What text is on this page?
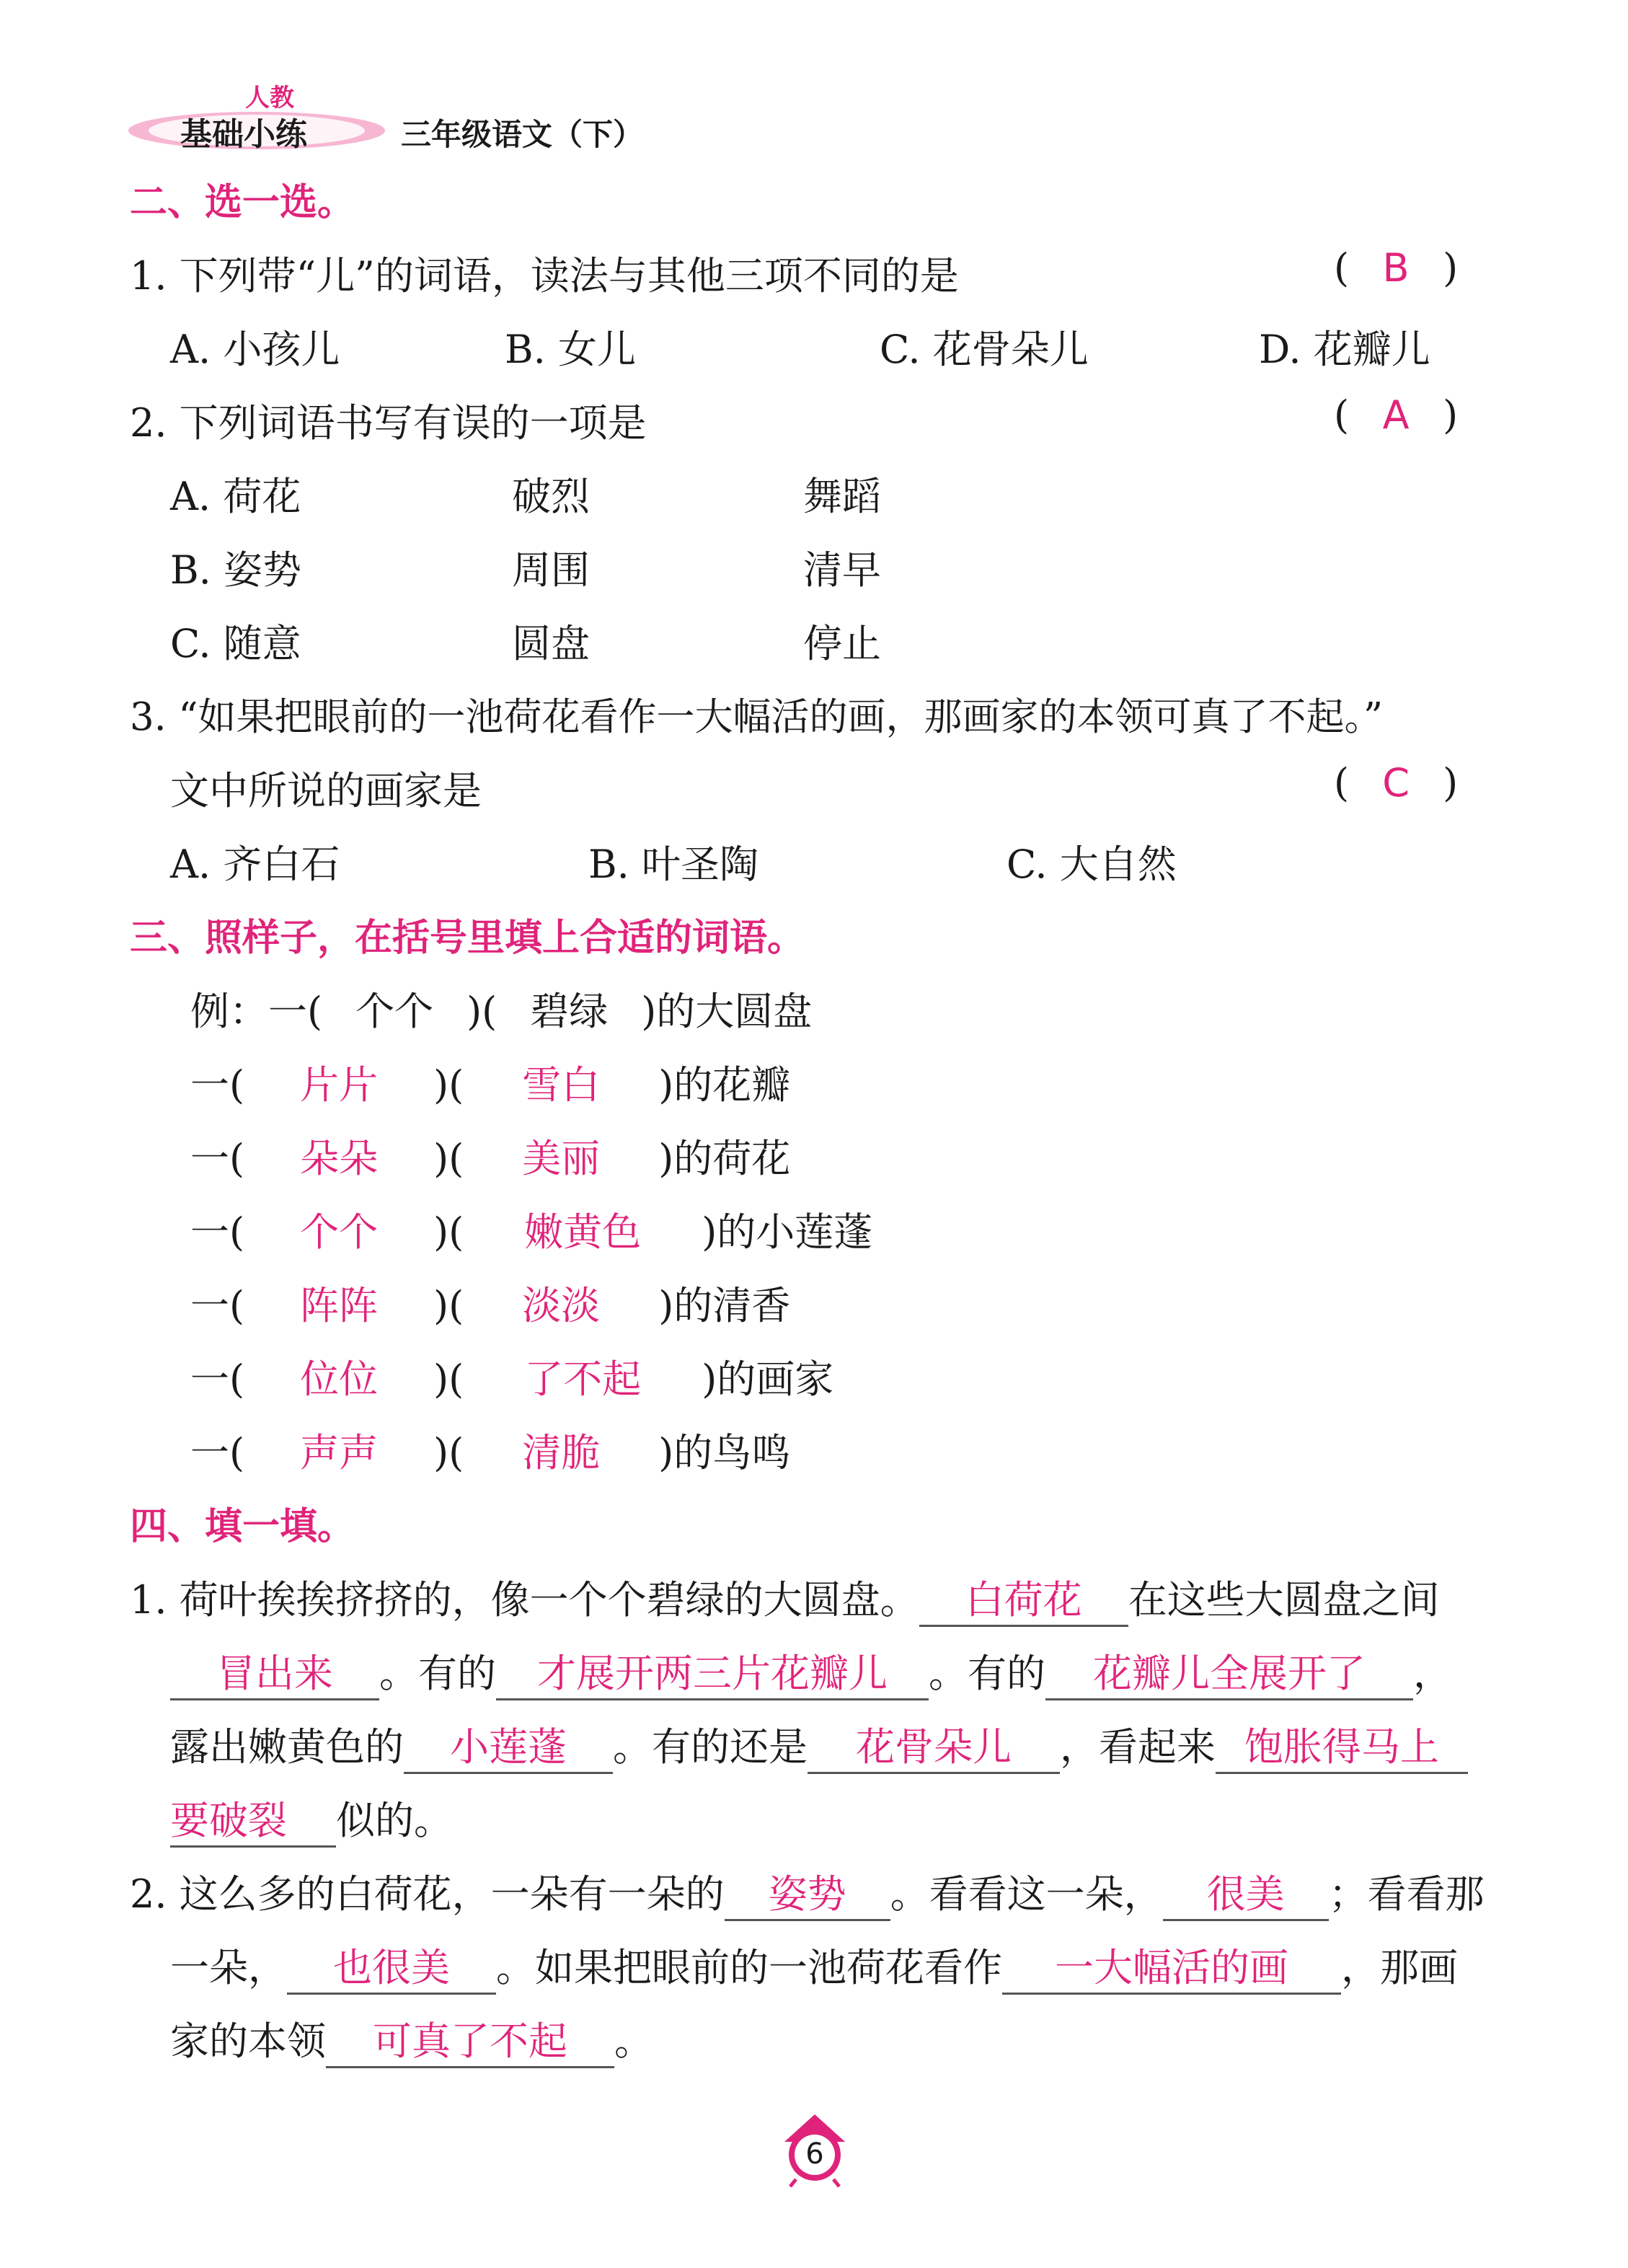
人教
基础小练	三年级语文（下）
二、选一选。
1. 下列带“儿”的词语，读法与其他三项不同的是	( B )
A. 小孩儿	B. 女儿	C. 花骨朵儿	D. 花瓣儿
2. 下列词语书写有误的一项是	( A )
A. 荷花	破烈	舞蹈
B. 姿势	周围	清早
C. 随意	圆盘	停止
3. “如果把眼前的一池荷花看作一大幅活的画，那画家的本领可真了不起。”
文中所说的画家是	( C )
A. 齐白石	B. 叶圣陶	C. 大自然
三、照样子，在括号里填上合适的词语。
例：一( 个个 )( 碧绿 )的大圆盘
一( 片片 )( 雪白 )的花瓣
一( 朵朵 )( 美丽 )的荷花
一( 个个 )( 嫩黄色 )的小莲蓬
一( 阵阵 )( 淡淡 )的清香
一( 位位 )( 了不起 )的画家
一( 声声 )( 清脆 )的鸟鸣
四、填一填。
1. 荷叶挨挨挤挤的，像一个个碧绿的大圆盘。 白荷花 在这些大圆盘之间
冒出来 。有的 才展开两三片花瓣儿 。有的 花瓣儿全展开了 ，
露出嫩黄色的 小莲蓬 。有的还是 花骨朵儿 ，看起来 饱胀得马上
要破裂 似的。
2. 这么多的白荷花，一朵有一朵的 姿势 。看看这一朵， 很美 ；看看那
一朵， 也很美 。如果把眼前的一池荷花看作 一大幅活的画 ，那画
家的本领 可真了不起 。
6
